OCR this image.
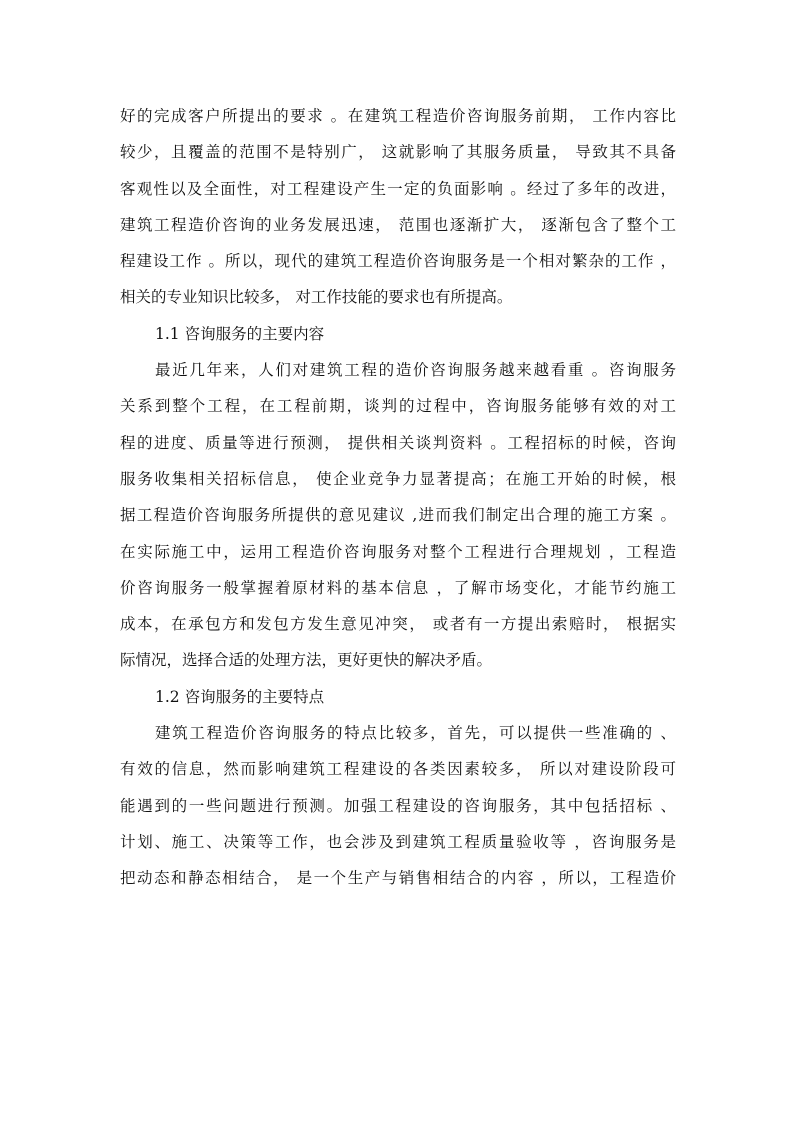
好的完成客户所提出的要求 。在建筑工程造价咨询服务前期， 工作内容比
较少，且覆盖的范围不是特别广， 这就影响了其服务质量， 导致其不具备
客观性以及全面性，对工程建设产生一定的负面影响 。经过了多年的改进，
建筑工程造价咨询的业务发展迅速， 范围也逐渐扩大， 逐渐包含了整个工
程建设工作 。所以，现代的建筑工程造价咨询服务是一个相对繁杂的工作 ，
相关的专业知识比较多， 对工作技能的要求也有所提高。
1.1 咨询服务的主要内容
最近几年来，人们对建筑工程的造价咨询服务越来越看重 。咨询服务
关系到整个工程，在工程前期，谈判的过程中，咨询服务能够有效的对工
程的进度、质量等进行预测， 提供相关谈判资料 。工程招标的时候，咨询
服务收集相关招标信息， 使企业竞争力显著提高；在施工开始的时候，根
据工程造价咨询服务所提供的意见建议 ,进而我们制定出合理的施工方案 。
在实际施工中，运用工程造价咨询服务对整个工程进行合理规划 ，工程造
价咨询服务一般掌握着原材料的基本信息 ，了解市场变化，才能节约施工
成本，在承包方和发包方发生意见冲突， 或者有一方提出索赔时， 根据实
际情况，选择合适的处理方法，更好更快的解决矛盾。
1.2 咨询服务的主要特点
建筑工程造价咨询服务的特点比较多，首先，可以提供一些准确的 、
有效的信息，然而影响建筑工程建设的各类因素较多， 所以对建设阶段可
能遇到的一些问题进行预测。加强工程建设的咨询服务，其中包括招标 、
计划、施工、决策等工作，也会涉及到建筑工程质量验收等 ，咨询服务是
把动态和静态相结合， 是一个生产与销售相结合的内容 ，所以，工程造价
